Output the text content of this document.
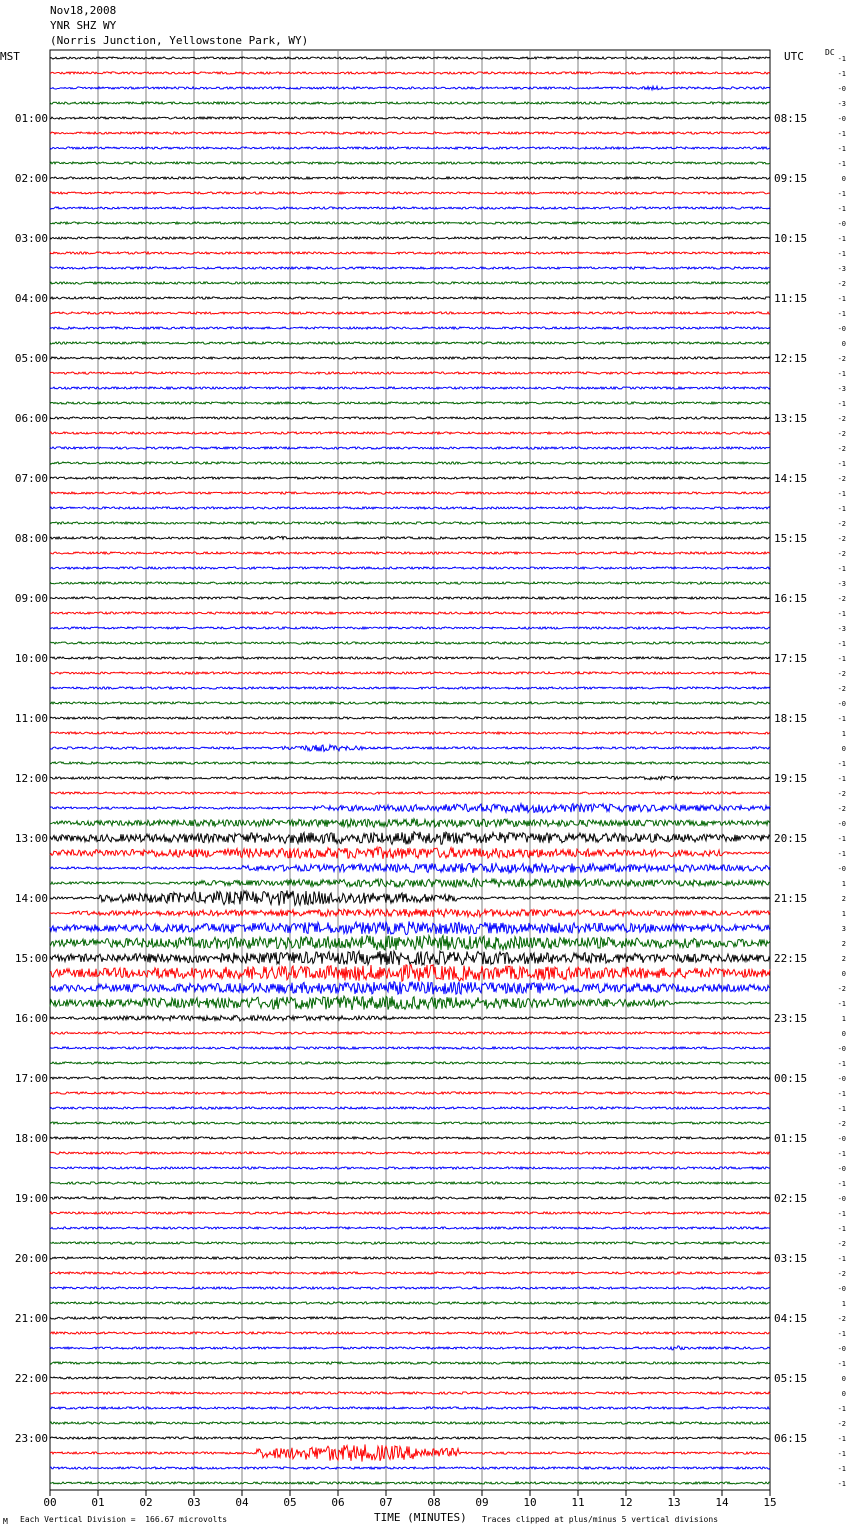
Nov18,2008
YNR SHZ WY
(Norris Junction, Yellowstone Park, WY)
MST	UTC	DC
-1
-1
-0
-3
-0
01:00	08:15
-1
-1
-1
0
02:00	09:15
-1
-1
-0
-1
03:00	10:15
-1
-3
-2
-1
04:00	11:15
-1
-0
0
-2
05:00	12:15
-1
-3
-1
-2
06:00	13:15
-2
-2
-1
-2
07:00	14:15
-1
-1
-2
-2
08:00	15:15
-2
-1
-3
-2
09:00	16:15
-1
-3
-1
-1
10:00	17:15
-2
-2
-0
-1
11:00	18:15
1
0
-1
-1
12:00	19:15
-2
-2
-0
-1
13:00	20:15
-1
-0
1
2
14:00	21:15
1
3
2
2
15:00	22:15
0
-2
-1
1
16:00	23:15
0
-0
-1
-0
17:00	00:15
-1
-1
-2
-0
18:00	01:15
-1
-0
-1
-0
19:00	02:15
-1
-1
-2
-1
20:00	03:15
-2
-0
1
-2
21:00	04:15
-1
-0
-1
0
22:00	05:15
0
-1
-2
-1
23:00	06:15
-1
-1
-1
00	01	02	03	04	05	06	07	08	09	10	11	12	13	14	15
M Each Vertical Division =  166.67 microvolts	TIME (MINUTES) Traces clipped at plus/minus 5 vertical divisions
